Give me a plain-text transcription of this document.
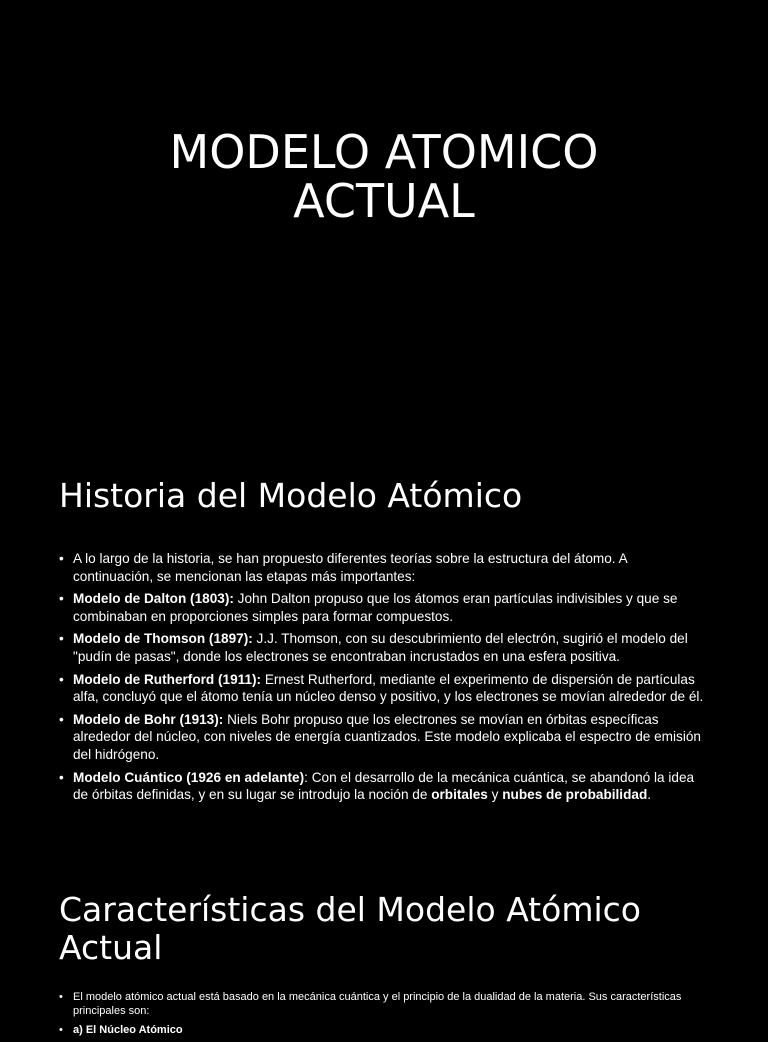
MODELO ATOMICO
ACTUAL
Historia del Modelo Atómico
• A lo largo de la historia, se han propuesto diferentes teorías sobre la estructura del átomo. A continuación, se mencionan las etapas más importantes:
• Modelo de Dalton (1803): John Dalton propuso que los átomos eran partículas indivisibles y que se combinaban en proporciones simples para formar compuestos.
• Modelo de Thomson (1897): J.J. Thomson, con su descubrimiento del electrón, sugirió el modelo del "pudín de pasas", donde los electrones se encontraban incrustados en una esfera positiva.
• Modelo de Rutherford (1911): Ernest Rutherford, mediante el experimento de dispersión de partículas alfa, concluyó que el átomo tenía un núcleo denso y positivo, y los electrones se movían alrededor de él.
• Modelo de Bohr (1913): Niels Bohr propuso que los electrones se movían en órbitas específicas alrededor del núcleo, con niveles de energía cuantizados. Este modelo explicaba el espectro de emisión del hidrógeno.
• Modelo Cuántico (1926 en adelante): Con el desarrollo de la mecánica cuántica, se abandonó la idea de órbitas definidas, y en su lugar se introdujo la noción de orbitales y nubes de probabilidad.
Características del Modelo Atómico
Actual
• El modelo atómico actual está basado en la mecánica cuántica y el principio de la dualidad de la materia. Sus características principales son:
• a) El Núcleo Atómico
